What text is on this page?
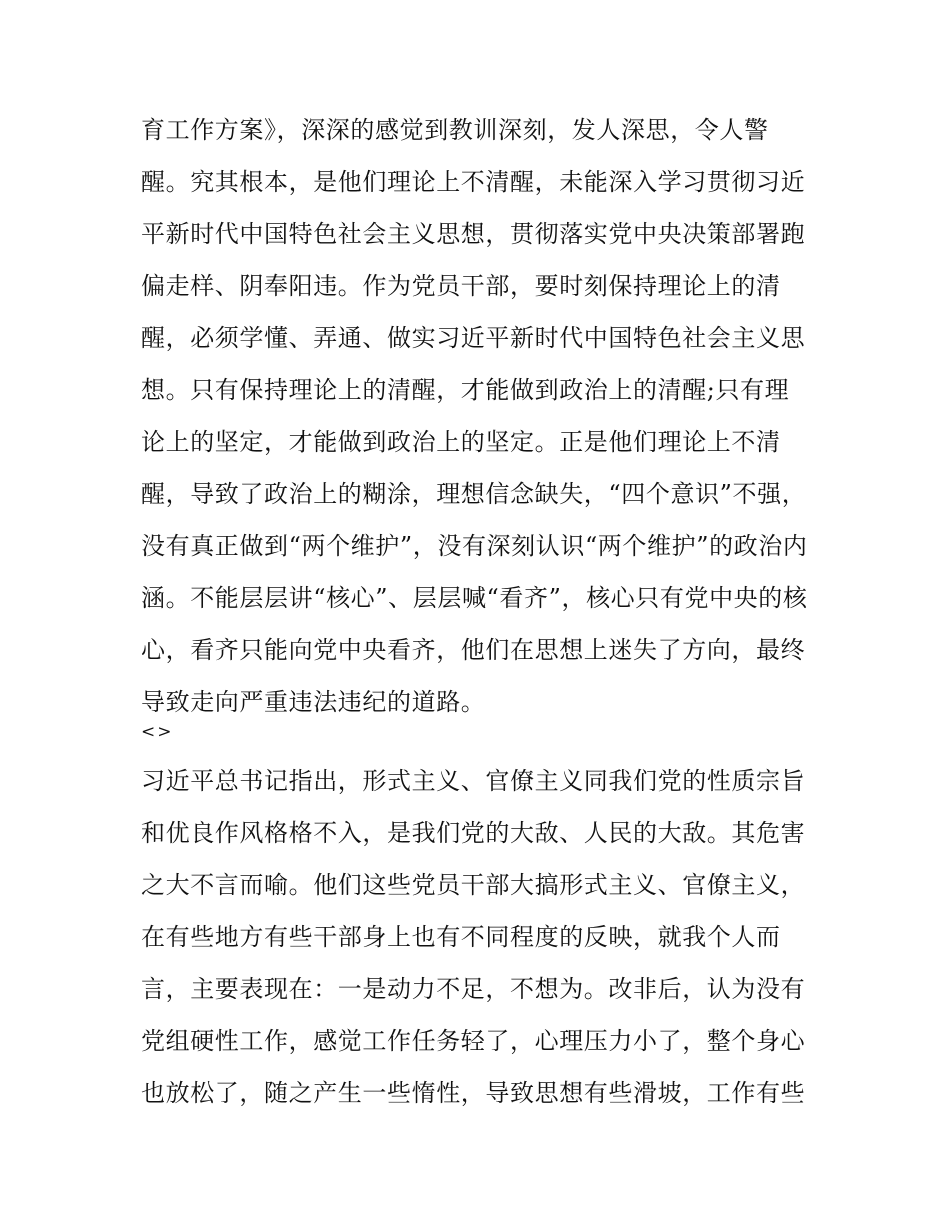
育工作方案》，深深的感觉到教训深刻，发人深思，令人警
醒。究其根本，是他们理论上不清醒，未能深入学习贯彻习近
平新时代中国特色社会主义思想，贯彻落实党中央决策部署跑
偏走样、阴奉阳违。作为党员干部，要时刻保持理论上的清
醒，必须学懂、弄通、做实习近平新时代中国特色社会主义思
想。只有保持理论上的清醒，才能做到政治上的清醒;只有理
论上的坚定，才能做到政治上的坚定。正是他们理论上不清
醒，导致了政治上的糊涂，理想信念缺失，“四个意识”不强，
没有真正做到“两个维护”，没有深刻认识“两个维护”的政治内
涵。不能层层讲“核心”、层层喊“看齐”，核心只有党中央的核
心，看齐只能向党中央看齐，他们在思想上迷失了方向，最终
导致走向严重违法违纪的道路。
<>
习近平总书记指出，形式主义、官僚主义同我们党的性质宗旨
和优良作风格格不入，是我们党的大敌、人民的大敌。其危害
之大不言而喻。他们这些党员干部大搞形式主义、官僚主义，
在有些地方有些干部身上也有不同程度的反映，就我个人而
言，主要表现在：一是动力不足，不想为。改非后，认为没有
党组硬性工作，感觉工作任务轻了，心理压力小了，整个身心
也放松了，随之产生一些惰性，导致思想有些滑坡，工作有些
